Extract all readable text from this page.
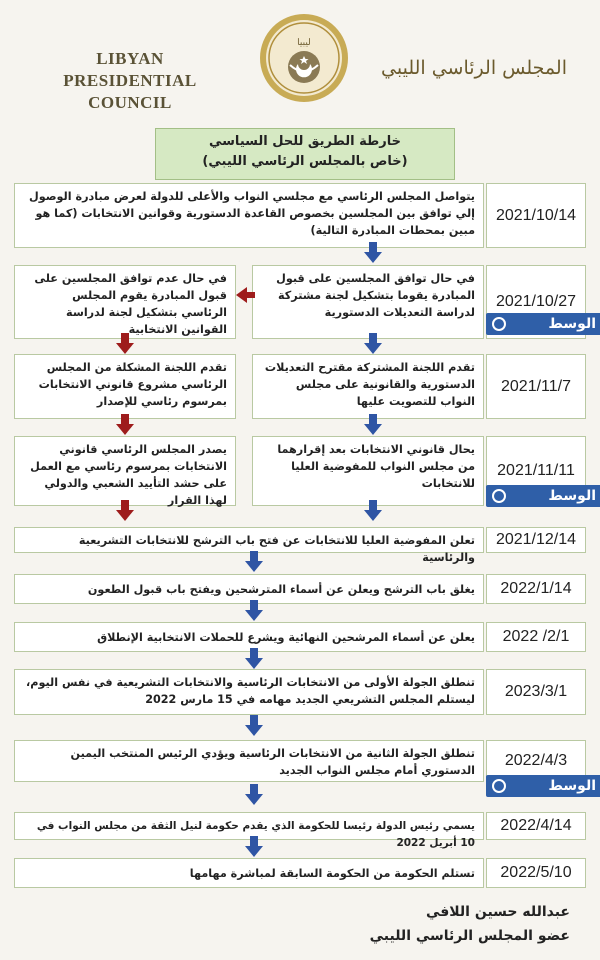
LIBYAN PRESIDENTIAL
COUNCIL
ليبيا
المجلس الرئاسي الليبي
خارطة الطريق للحل السياسي
(خاص بالمجلس الرئاسي الليبي)
2021/10/14
يتواصل المجلس الرئاسي مع مجلسي النواب والأعلى للدولة لعرض مبادرة الوصول إلي توافق بين المجلسين بخصوص القاعدة الدستورية وقوانين الانتخابات (كما هو مبين بمحطات المبادرة التالية)
2021/10/27
في حال توافق المجلسين على قبول المبادرة يقوما بتشكيل لجنة مشتركة لدراسة التعديلات الدستورية
في حال عدم توافق المجلسين على قبول المبادرة يقوم المجلس الرئاسي بتشكيل لجنة لدراسة القوانين الانتخابية	الوسط
2021/11/7
تقدم اللجنة المشتركة مقترح التعديلات الدستورية والقانونية على مجلس النواب للتصويت عليها
تقدم اللجنة المشكلة من المجلس الرئاسي مشروع قانوني الانتخابات بمرسوم رئاسي للإصدار
2021/11/11
يحال قانوني الانتخابات بعد إقرارهما من مجلس النواب للمفوضية العليا للانتخابات
يصدر المجلس الرئاسي قانوني الانتخابات بمرسوم رئاسي مع العمل على حشد التأييد الشعبي والدولي لهذا القرار	الوسط
2021/12/14
تعلن المفوضية العليا للانتخابات عن فتح باب الترشح للانتخابات التشريعية والرئاسية
2022/1/14
يغلق باب الترشح ويعلن عن أسماء المترشحين ويفتح باب قبول الطعون
2022 /2/1
يعلن عن أسماء المرشحين النهائية ويشرع للحملات الانتخابية الإنطلاق
2023/3/1
تنطلق الجولة الأولى من الانتخابات الرئاسية والانتخابات التشريعية في نفس اليوم، ليستلم المجلس التشريعي الجديد مهامه في 15 مارس 2022
2022/4/3
تنطلق الجولة الثانية من الانتخابات الرئاسية ويؤدي الرئيس المنتخب اليمين الدستوري أمام مجلس النواب الجديد
الوسط
2022/4/14
يسمي رئيس الدولة رئيسا للحكومة الذي يقدم حكومة لنيل الثقة من مجلس النواب في 10 أبريل 2022
2022/5/10
تستلم الحكومة من الحكومة السابقة لمباشرة مهامها
عبدالله حسين اللافي
عضو المجلس الرئاسي الليبي
